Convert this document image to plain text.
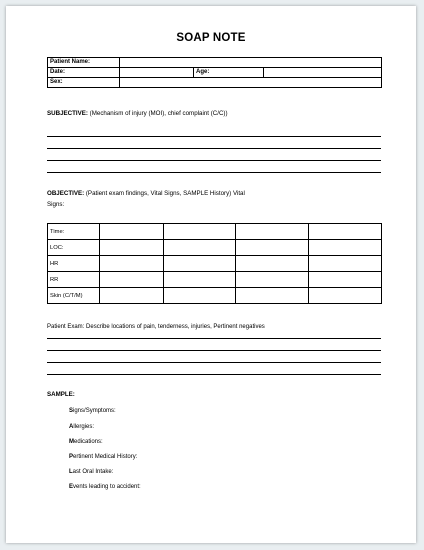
SOAP NOTE
Patient Name:			
Date:		Age:	
Sex:			
SUBJECTIVE: (Mechanism of injury (MOI), chief complaint (C/C))
OBJECTIVE: (Patient exam findings, Vital Signs, SAMPLE History) Vital
Signs:
Time:				
LOC:				
HR				
RR				
Skin (C/T/M)				
Patient Exam: Describe locations of pain, tenderness, injuries, Pertinent negatives
SAMPLE:
Signs/Symptoms:
Allergies:
Medications:
Pertinent Medical History:
Last Oral Intake:
Events leading to accident:
